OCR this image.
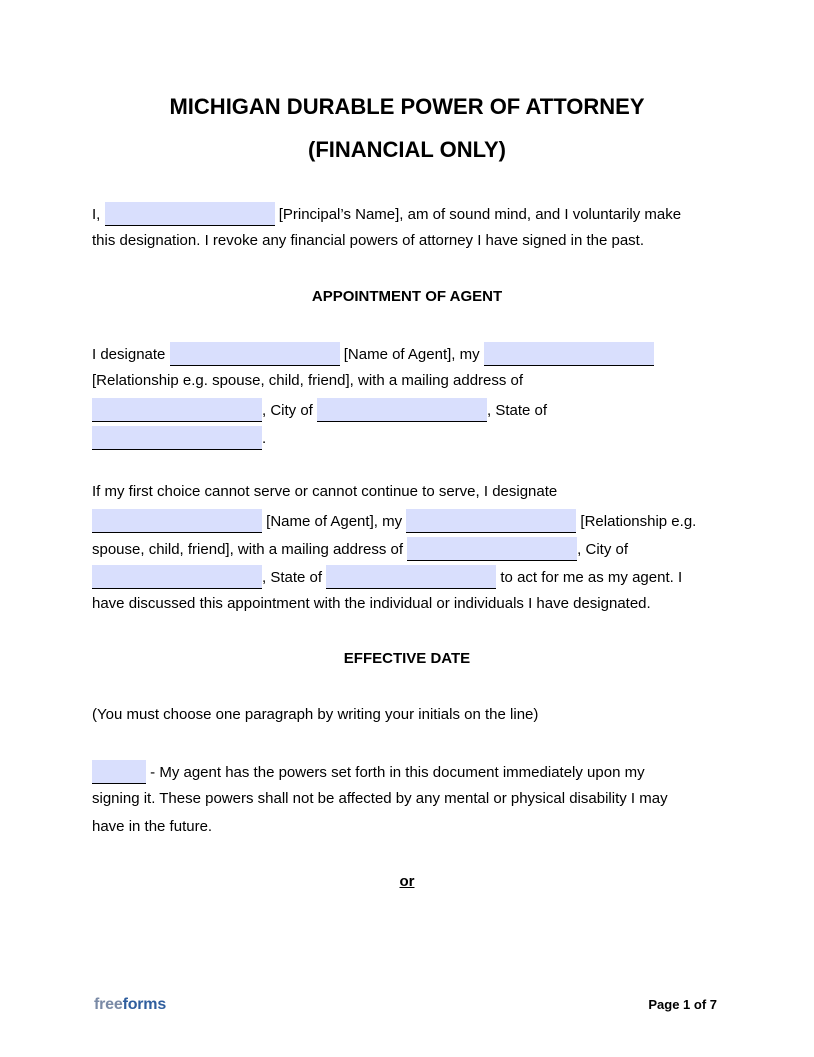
MICHIGAN DURABLE POWER OF ATTORNEY
(FINANCIAL ONLY)
I,	[Principal’s Name], am of sound mind, and I voluntarily make
this designation. I revoke any financial powers of attorney I have signed in the past.
APPOINTMENT OF AGENT
I designate	[Name of Agent], my
[Relationship e.g. spouse, child, friend], with a mailing address of
, City of	, State of
.
If my first choice cannot serve or cannot continue to serve, I designate
[Name of Agent], my	[Relationship e.g.
spouse, child, friend], with a mailing address of	, City of
, State of	to act for me as my agent. I
have discussed this appointment with the individual or individuals I have designated.
EFFECTIVE DATE
(You must choose one paragraph by writing your initials on the line)
- My agent has the powers set forth in this document immediately upon my
signing it. These powers shall not be affected by any mental or physical disability I may
have in the future.
or
freeforms	Page 1 of 7
